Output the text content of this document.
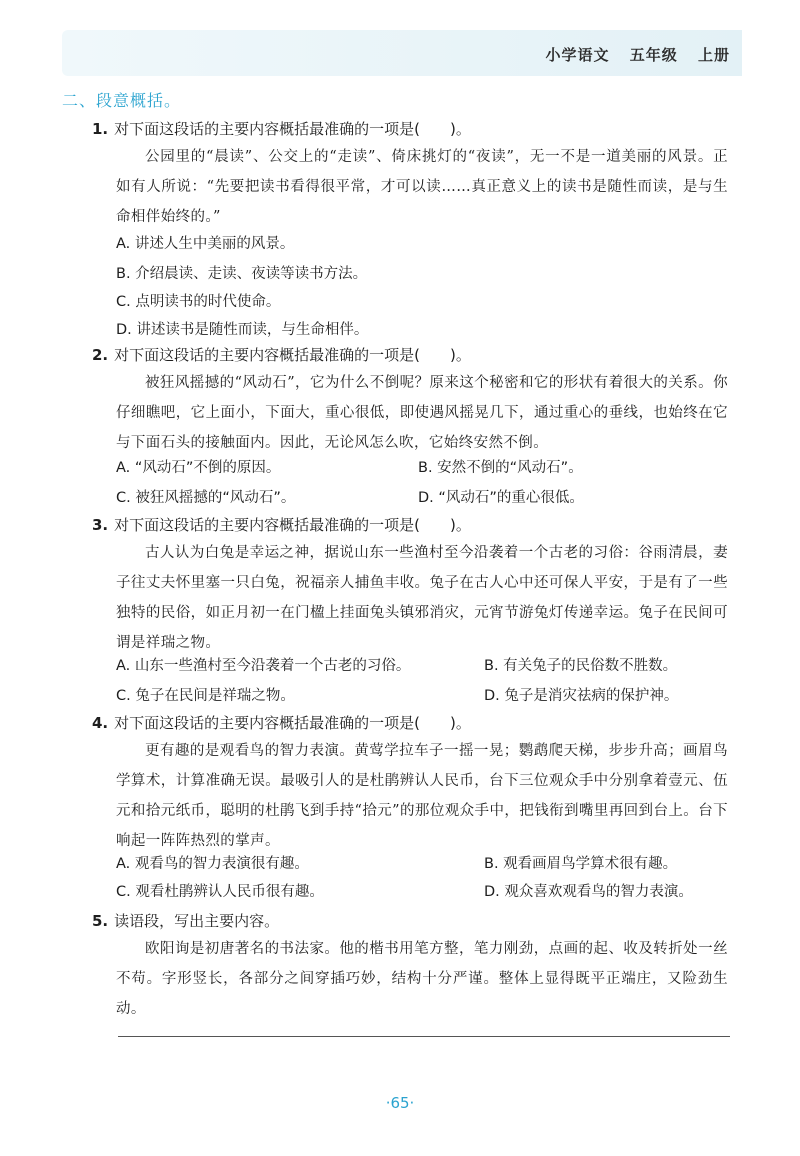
小学语文 五年级 上册
二、段意概括。
1. 对下面这段话的主要内容概括最准确的一项是(　　)。
公园里的“晨读”、公交上的“走读”、倚床挑灯的“夜读”，无一不是一道美丽的风景。正如有人所说：“先要把读书看得很平常，才可以读……真正意义上的读书是随性而读，是与生命相伴始终的。”
A. 讲述人生中美丽的风景。
B. 介绍晨读、走读、夜读等读书方法。
C. 点明读书的时代使命。
D. 讲述读书是随性而读，与生命相伴。
2. 对下面这段话的主要内容概括最准确的一项是(　　)。
被狂风摇撼的“风动石”，它为什么不倒呢？原来这个秘密和它的形状有着很大的关系。你仔细瞧吧，它上面小，下面大，重心很低，即使遇风摇晃几下，通过重心的垂线，也始终在它与下面石头的接触面内。因此，无论风怎么吹，它始终安然不倒。
A. “风动石”不倒的原因。	B. 安然不倒的“风动石”。
C. 被狂风摇撼的“风动石”。	D. “风动石”的重心很低。
3. 对下面这段话的主要内容概括最准确的一项是(　　)。
古人认为白兔是幸运之神，据说山东一些渔村至今沿袭着一个古老的习俗：谷雨清晨，妻子往丈夫怀里塞一只白兔，祝福亲人捕鱼丰收。兔子在古人心中还可保人平安，于是有了一些独特的民俗，如正月初一在门楹上挂面兔头镇邪消灾，元宵节游兔灯传递幸运。兔子在民间可谓是祥瑞之物。
A. 山东一些渔村至今沿袭着一个古老的习俗。	B. 有关兔子的民俗数不胜数。
C. 兔子在民间是祥瑞之物。	D. 兔子是消灾祛病的保护神。
4. 对下面这段话的主要内容概括最准确的一项是(　　)。
更有趣的是观看鸟的智力表演。黄莺学拉车子一摇一晃；鹦鹉爬天梯，步步升高；画眉鸟学算术，计算准确无误。最吸引人的是杜鹃辨认人民币，台下三位观众手中分别拿着壹元、伍元和拾元纸币，聪明的杜鹃飞到手持“拾元”的那位观众手中，把钱衔到嘴里再回到台上。台下响起一阵阵热烈的掌声。
A. 观看鸟的智力表演很有趣。	B. 观看画眉鸟学算术很有趣。
C. 观看杜鹃辨认人民币很有趣。	D. 观众喜欢观看鸟的智力表演。
5. 读语段，写出主要内容。
欧阳询是初唐著名的书法家。他的楷书用笔方整，笔力刚劲，点画的起、收及转折处一丝不苟。字形竖长，各部分之间穿插巧妙，结构十分严谨。整体上显得既平正端庄，又险劲生动。
·65·
